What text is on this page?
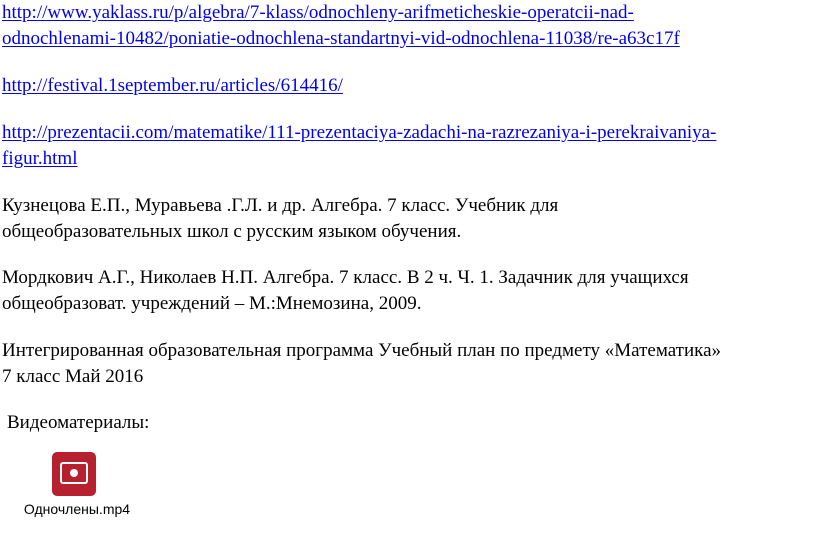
http://www.yaklass.ru/p/algebra/7-klass/odnochleny-arifmeticheskie-operatcii-nad-
odnochlenami-10482/poniatie-odnochlena-standartnyi-vid-odnochlena-11038/re-a63c17f

http://festival.1september.ru/articles/614416/

http://prezentacii.com/matematike/111-prezentaciya-zadachi-na-razrezaniya-i-perekraivaniya-
figur.html

Кузнецова Е.П., Муравьева .Г.Л. и др. Алгебра. 7 класс. Учебник для
общеобразовательных школ с русским языком обучения.

Мордкович А.Г., Николаев Н.П. Алгебра. 7 класс. В 2 ч. Ч. 1. Задачник для учащихся
общеобразоват. учреждений – М.:Мнемозина, 2009.

Интегрированная образовательная программа Учебный план по предмету «Математика»
7 класс Май 2016

Видеоматериалы:

Одночлены.mp4
